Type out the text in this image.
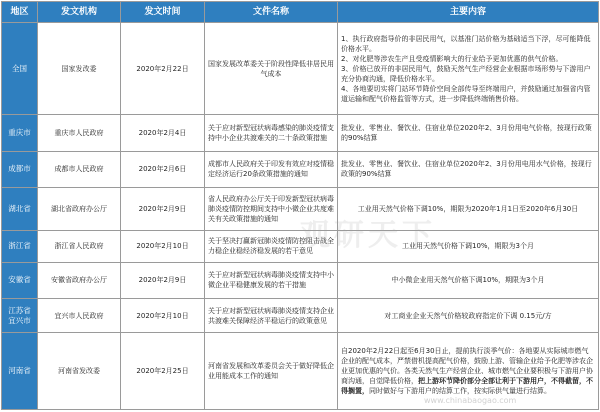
地区	发文机构	发文时间	文件名称	主要内容
全国	国家发改委	2020年2月22日	国家发展改革委关于阶段性降低非居民用气成本	1、执行政府指导价的非居民用气，以基准门站价格为基础适当下浮，尽可能降低价格水平。
2、对化肥等涉农生产且受疫情影响大的行业给予更加优惠的供气价格。
3、价格已放开的非居民用气，鼓励天然气生产经营企业根据市场形势与下游用户充分协商沟通，降低价格水平。
4、各地要切实将门站环节降价空间全部传导至终端用户，并鼓励通过加强省内管道运输和配气价格监管等方式，进一步降低终端销售价格。

重庆市	重庆市人民政府	2020年2月4日	关于应对新型冠状病毒感染的肺炎疫情支持中小企业共渡难关的二十条政策措施	批发业、零售业、餐饮业、住宿业单位2020年2、3月份用电气价格，按现行政策的90%结算
成都市	成都市人民政府	2020年2月6日	成都市人民政府关于印发有效应对疫情稳定经济运行20条政策措施的通知	批发业、零售业、餐饮业、住宿业单位2020年2、3月份用电用水气价格，按现行政策的90%结算
湖北省	湖北省政府办公厅	2020年2月9日	省人民政府办公厅关于印发新型冠状病毒肺炎疫情防控期间支持中小微企业共度难关有关政策措施的通知	工业用天然气价格下调10%，期限为2020年1月1日至2020年6月30日
浙江省	浙江省人民政府	2020年2月10日	关于坚决打赢新冠肺炎疫情防控阻击战全力稳企业稳经济稳发展的若干意见	工业用天然气价格下调10%，期限为3个月
安徽省	安徽省政府办公厅	2020年2月9日	关于应对新型冠状病毒肺炎疫情支持中小微企业平稳健康发展的若干措施	中小微企业用天然气价格下调10%，期限为3个月
江苏省宜兴市	宜兴市人民政府	2020年2月10日	关于应对新型冠状病毒肺炎疫情支持企业共渡难关保障经济平稳运行的政策意见	对工商业企业天然气价格较政府指定价下调 0.15元/方
河南省	河南省发改委	2020年2月25日	河南省发展和改革委员会关于做好降低企业用能成本工作的通知	自2020年2月22日起至6月30日止，提前执行淡季气价：各地要从实际城市燃气企业的配气成本，严禁借机提高配气价格，鼓励上游、管输企业给予化肥等涉农企业更加优惠的气价。各类天然气生产经营企业、城市燃气企业要积极与下游用户协商沟通，自觉降低价格，把上游环节降价部分全部让利于下游用户，不得截留，不得搁置，同时做好与下游用户的结算工作，按实际供气量进行结算。
观研天下
www.chinabaogao.com
